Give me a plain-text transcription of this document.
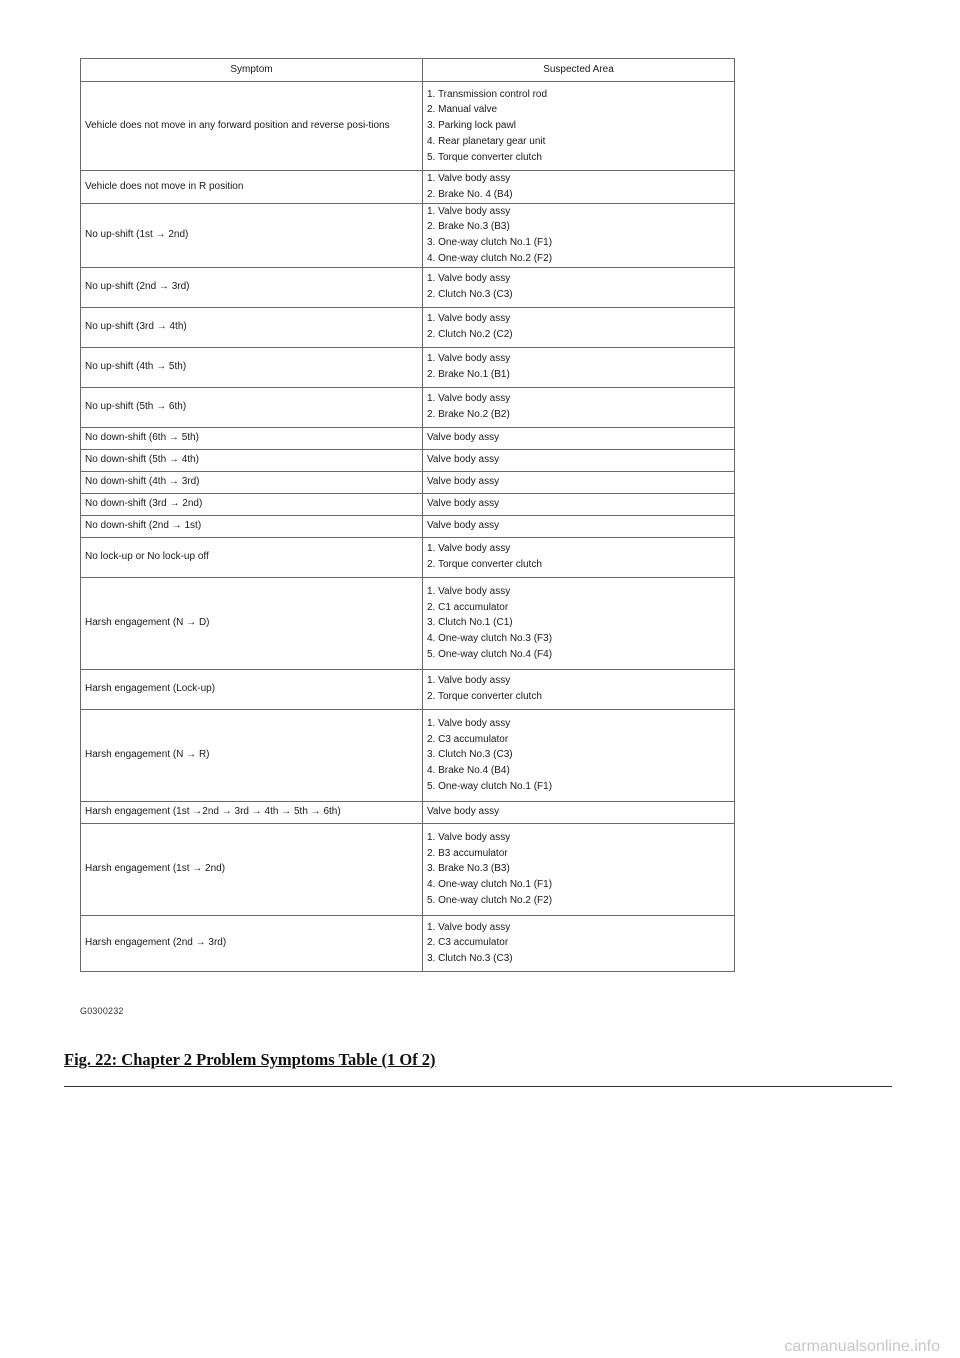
Symptom	Suspected Area
Vehicle does not move in any forward position and reverse posi-tions	1. Transmission control rod
2. Manual valve
3. Parking lock pawl
4. Rear planetary gear unit
5. Torque converter clutch

Vehicle does not move in R position	1. Valve body assy
2. Brake No. 4 (B4)

No up-shift (1st → 2nd)	1. Valve body assy
2. Brake No.3 (B3)
3. One-way clutch No.1 (F1)
4. One-way clutch No.2 (F2)

No up-shift (2nd → 3rd)	1. Valve body assy
2. Clutch No.3 (C3)

No up-shift (3rd → 4th)	1. Valve body assy
2. Clutch No.2 (C2)

No up-shift (4th → 5th)	1. Valve body assy
2. Brake No.1 (B1)

No up-shift (5th → 6th)	1. Valve body assy
2. Brake No.2 (B2)

No down-shift (6th → 5th)	Valve body assy

No down-shift (5th → 4th)	Valve body assy

No down-shift (4th → 3rd)	Valve body assy

No down-shift (3rd → 2nd)	Valve body assy

No down-shift (2nd → 1st)	Valve body assy

No lock-up or No lock-up off	1. Valve body assy
2. Torque converter clutch

Harsh engagement (N → D)	1. Valve body assy
2. C1 accumulator
3. Clutch No.1 (C1)
4. One-way clutch No.3 (F3)
5. One-way clutch No.4 (F4)

Harsh engagement (Lock-up)	1. Valve body assy
2. Torque converter clutch

Harsh engagement (N → R)	1. Valve body assy
2. C3 accumulator
3. Clutch No.3 (C3)
4. Brake No.4 (B4)
5. One-way clutch No.1 (F1)

Harsh engagement (1st →2nd → 3rd → 4th → 5th → 6th)	Valve body assy

Harsh engagement (1st → 2nd)	1. Valve body assy
2. B3 accumulator
3. Brake No.3 (B3)
4. One-way clutch No.1 (F1)
5. One-way clutch No.2 (F2)

Harsh engagement (2nd → 3rd)	1. Valve body assy
2. C3 accumulator
3. Clutch No.3 (C3)
G0300232
Fig. 22: Chapter 2 Problem Symptoms Table (1 Of 2)
carmanualsonline.info
